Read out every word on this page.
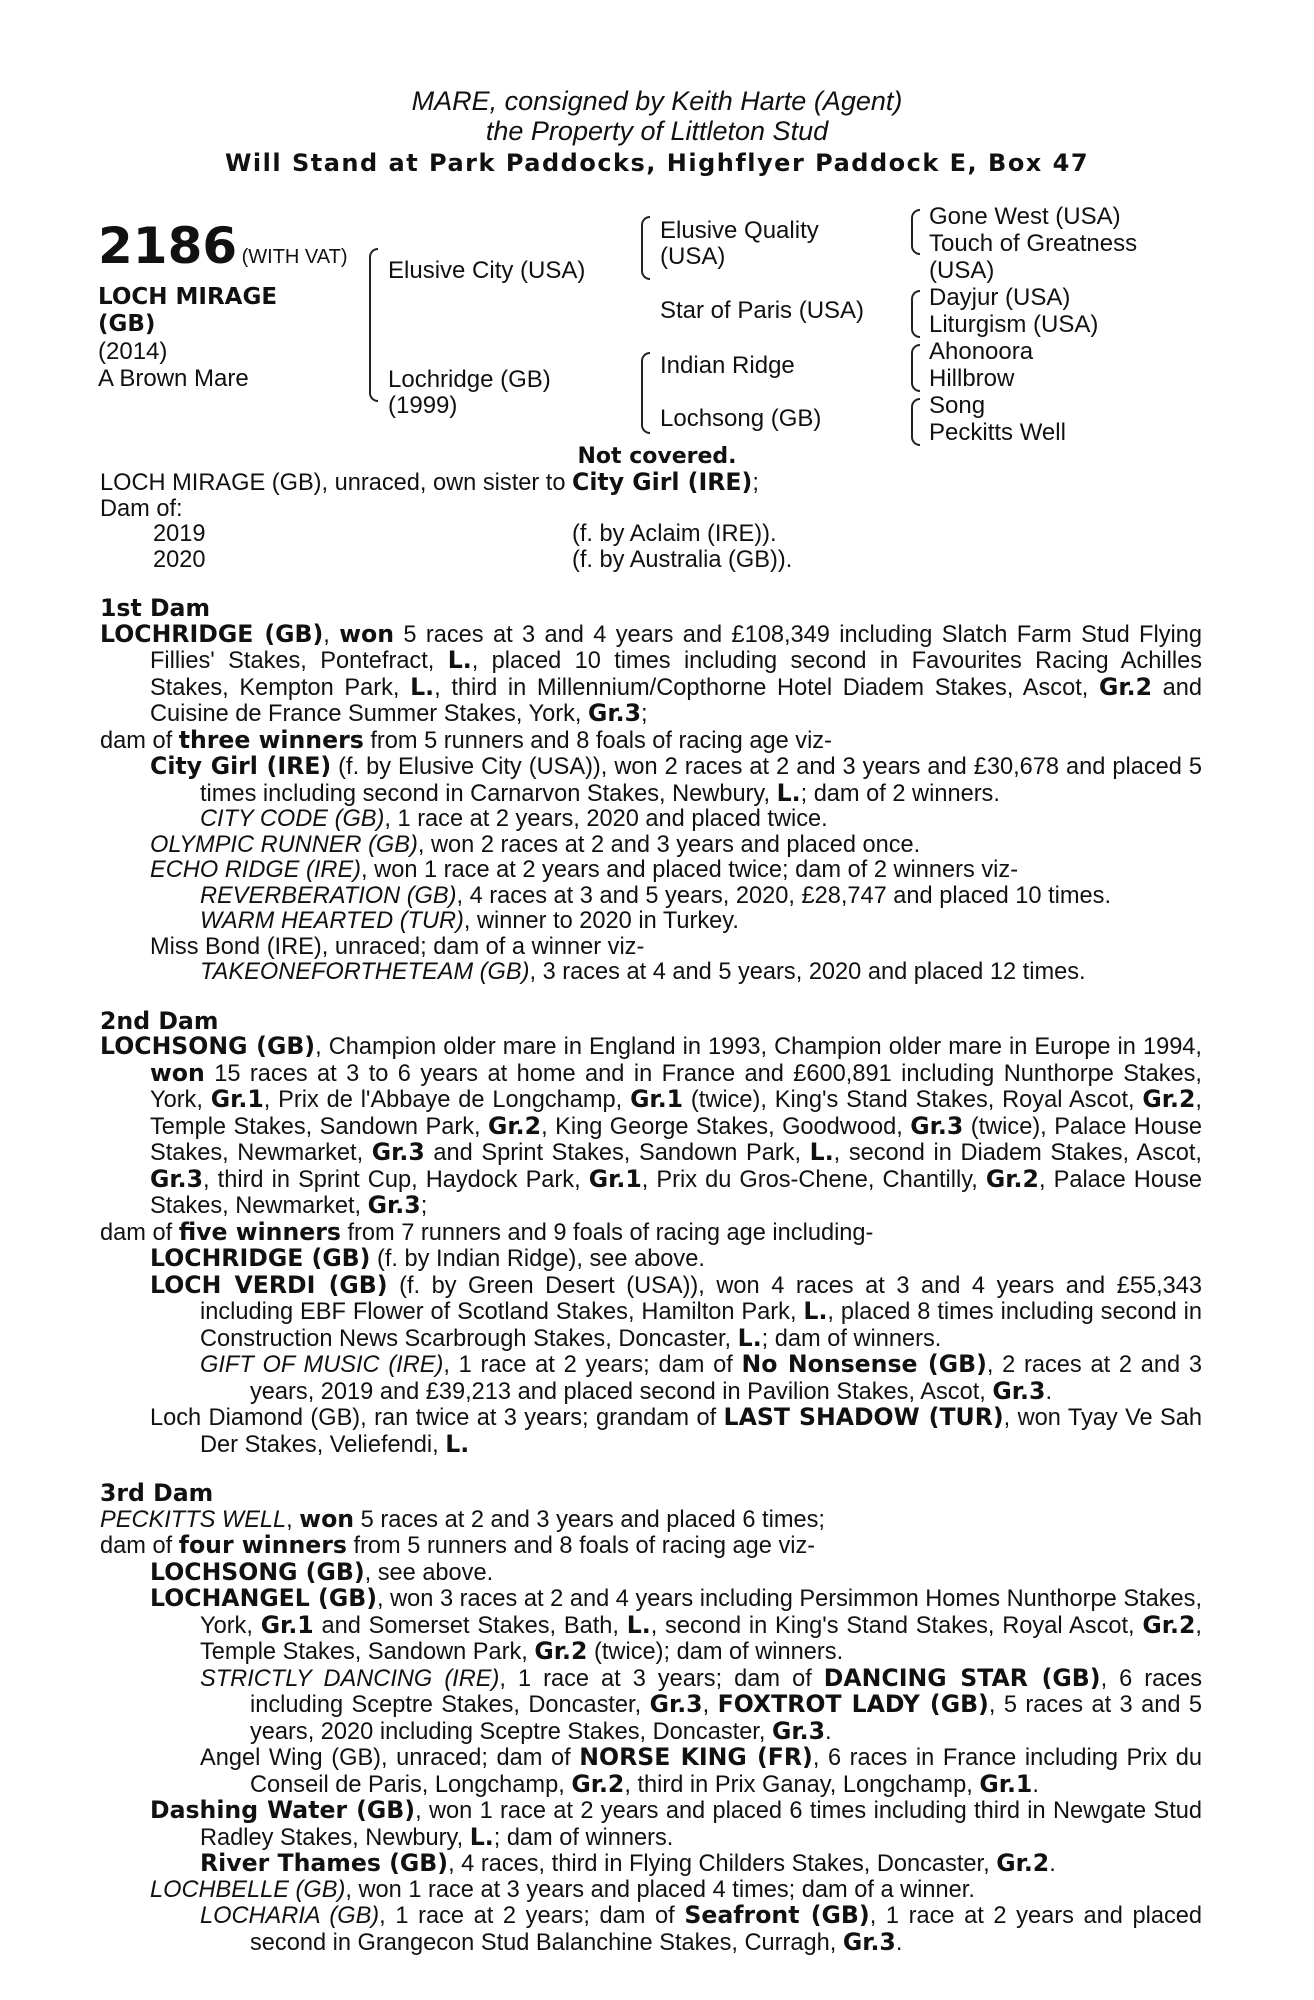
MARE, consigned by Keith Harte (Agent)
the Property of Littleton Stud
Will Stand at Park Paddocks, Highflyer Paddock E, Box 47
2186 (WITH VAT)
LOCH MIRAGE
(GB)
(2014)
A Brown Mare
Elusive City (USA)
Lochridge (GB)
(1999)
Elusive Quality
(USA)
Star of Paris (USA)
Indian Ridge
Lochsong (GB)
Gone West (USA)
Touch of Greatness
(USA)
Dayjur (USA)
Liturgism (USA)
Ahonoora
Hillbrow
Song
Peckitts Well
Not covered.

LOCH MIRAGE (GB), unraced, own sister to City Girl (IRE);

Dam of:

2019	(f. by Aclaim (IRE)).
2020	(f. by Australia (GB)).

1st Dam

LOCHRIDGE (GB), won 5 races at 3 and 4 years and £108,349 including Slatch Farm Stud Flying Fillies' Stakes, Pontefract, L., placed 10 times including second in Favourites Racing Achilles Stakes, Kempton Park, L., third in Millennium/Copthorne Hotel Diadem Stakes, Ascot, Gr.2 and Cuisine de France Summer Stakes, York, Gr.3;

dam of three winners from 5 runners and 8 foals of racing age viz-

City Girl (IRE) (f. by Elusive City (USA)), won 2 races at 2 and 3 years and £30,678 and placed 5 times including second in Carnarvon Stakes, Newbury, L.; dam of 2 winners.

CITY CODE (GB), 1 race at 2 years, 2020 and placed twice.

OLYMPIC RUNNER (GB), won 2 races at 2 and 3 years and placed once.

ECHO RIDGE (IRE), won 1 race at 2 years and placed twice; dam of 2 winners viz-

REVERBERATION (GB), 4 races at 3 and 5 years, 2020, £28,747 and placed 10 times.

WARM HEARTED (TUR), winner to 2020 in Turkey.

Miss Bond (IRE), unraced; dam of a winner viz-

TAKEONEFORTHETEAM (GB), 3 races at 4 and 5 years, 2020 and placed 12 times.

2nd Dam

LOCHSONG (GB), Champion older mare in England in 1993, Champion older mare in Europe in 1994, won 15 races at 3 to 6 years at home and in France and £600,891 including Nunthorpe Stakes, York, Gr.1, Prix de l'Abbaye de Longchamp, Gr.1 (twice), King's Stand Stakes, Royal Ascot, Gr.2, Temple Stakes, Sandown Park, Gr.2, King George Stakes, Goodwood, Gr.3 (twice), Palace House Stakes, Newmarket, Gr.3 and Sprint Stakes, Sandown Park, L., second in Diadem Stakes, Ascot, Gr.3, third in Sprint Cup, Haydock Park, Gr.1, Prix du Gros-Chene, Chantilly, Gr.2, Palace House Stakes, Newmarket, Gr.3;

dam of five winners from 7 runners and 9 foals of racing age including-

LOCHRIDGE (GB) (f. by Indian Ridge), see above.

LOCH VERDI (GB) (f. by Green Desert (USA)), won 4 races at 3 and 4 years and £55,343 including EBF Flower of Scotland Stakes, Hamilton Park, L., placed 8 times including second in Construction News Scarbrough Stakes, Doncaster, L.; dam of winners.

GIFT OF MUSIC (IRE), 1 race at 2 years; dam of No Nonsense (GB), 2 races at 2 and 3 years, 2019 and £39,213 and placed second in Pavilion Stakes, Ascot, Gr.3.

Loch Diamond (GB), ran twice at 3 years; grandam of LAST SHADOW (TUR), won Tyay Ve Sah Der Stakes, Veliefendi, L.

3rd Dam

PECKITTS WELL, won 5 races at 2 and 3 years and placed 6 times;

dam of four winners from 5 runners and 8 foals of racing age viz-

LOCHSONG (GB), see above.

LOCHANGEL (GB), won 3 races at 2 and 4 years including Persimmon Homes Nunthorpe Stakes, York, Gr.1 and Somerset Stakes, Bath, L., second in King's Stand Stakes, Royal Ascot, Gr.2, Temple Stakes, Sandown Park, Gr.2 (twice); dam of winners.

STRICTLY DANCING (IRE), 1 race at 3 years; dam of DANCING STAR (GB), 6 races including Sceptre Stakes, Doncaster, Gr.3, FOXTROT LADY (GB), 5 races at 3 and 5 years, 2020 including Sceptre Stakes, Doncaster, Gr.3.

Angel Wing (GB), unraced; dam of NORSE KING (FR), 6 races in France including Prix du Conseil de Paris, Longchamp, Gr.2, third in Prix Ganay, Longchamp, Gr.1.

Dashing Water (GB), won 1 race at 2 years and placed 6 times including third in Newgate Stud Radley Stakes, Newbury, L.; dam of winners.

River Thames (GB), 4 races, third in Flying Childers Stakes, Doncaster, Gr.2.

LOCHBELLE (GB), won 1 race at 3 years and placed 4 times; dam of a winner.

LOCHARIA (GB), 1 race at 2 years; dam of Seafront (GB), 1 race at 2 years and placed second in Grangecon Stud Balanchine Stakes, Curragh, Gr.3.
